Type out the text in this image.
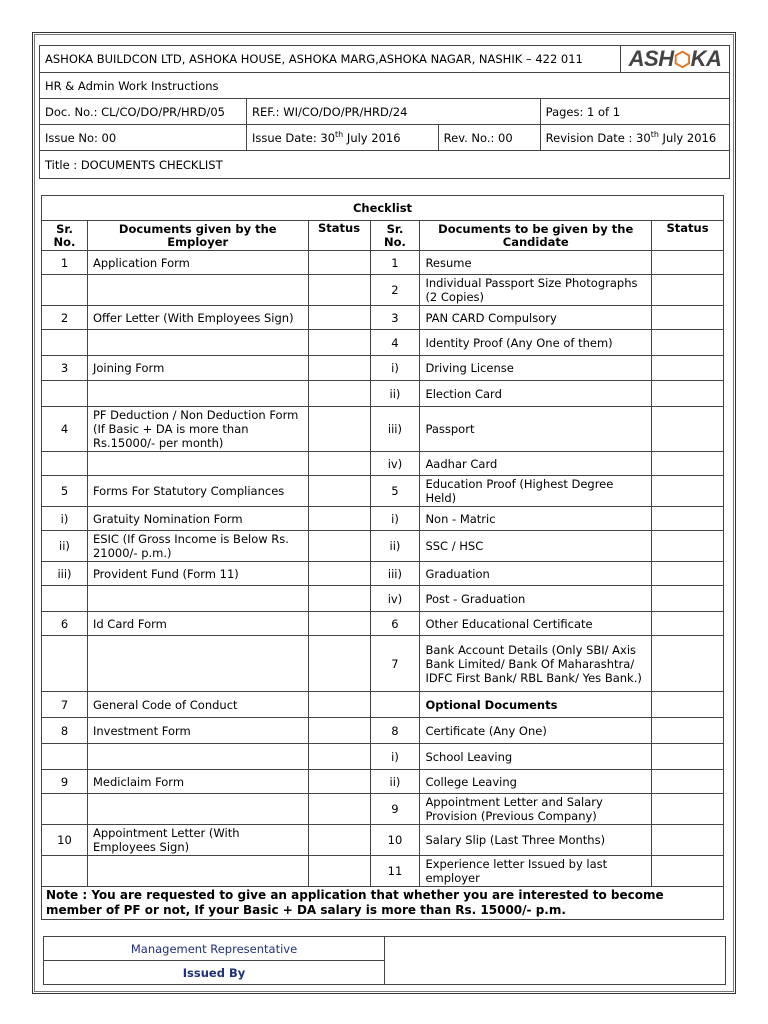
ASHOKA BUILDCON LTD, ASHOKA HOUSE, ASHOKA MARG,ASHOKA NAGAR, NASHIK – 422 011				ASH⬡KA

HR & Admin Work Instructions				
Doc. No.: CL/CO/DO/PR/HRD/05	REF.: WI/CO/DO/PR/HRD/24		Pages: 1 of 1	
Issue No: 00	Issue Date: 30th July 2016	Rev. No.: 00	Revision Date : 30th July 2016	
Title : DOCUMENTS CHECKLIST				
Checklist					
Sr. No.	Documents given by the Employer	Status	Sr. No.	Documents to be given by the Candidate	Status
1	Application Form		1	Resume	
			2	Individual Passport Size Photographs (2 Copies)	
2	Offer Letter (With Employees Sign)		3	PAN CARD Compulsory	
			4	Identity Proof (Any One of them)	
3	Joining Form		i)	Driving License	
			ii)	Election Card	
4	PF Deduction / Non Deduction Form (If Basic + DA is more than Rs.15000/- per month)		iii)	Passport	
			iv)	Aadhar Card	
5	Forms For Statutory Compliances		5	Education Proof (Highest Degree Held)	
i)	Gratuity Nomination Form		i)	Non - Matric	
ii)	ESIC (If Gross Income is Below Rs. 21000/- p.m.)		ii)	SSC / HSC	
iii)	Provident Fund (Form 11)		iii)	Graduation	
			iv)	Post - Graduation	
6	Id Card Form		6	Other Educational Certificate	
			7	Bank Account Details (Only SBI/ Axis Bank Limited/ Bank Of Maharashtra/ IDFC First Bank/ RBL Bank/ Yes Bank.)	
7	General Code of Conduct			Optional Documents	
8	Investment Form		8	Certificate (Any One)	
			i)	School Leaving	
9	Mediclaim Form		ii)	College Leaving	
			9	Appointment Letter and Salary Provision (Previous Company)	
10	Appointment Letter (With Employees Sign)		10	Salary Slip (Last Three Months)	
			11	Experience letter Issued by last employer	
Note : You are requested to give an application that whether you are interested to become member of PF or not, If your Basic + DA salary is more than Rs. 15000/- p.m.					
Management Representative	
Issued By
